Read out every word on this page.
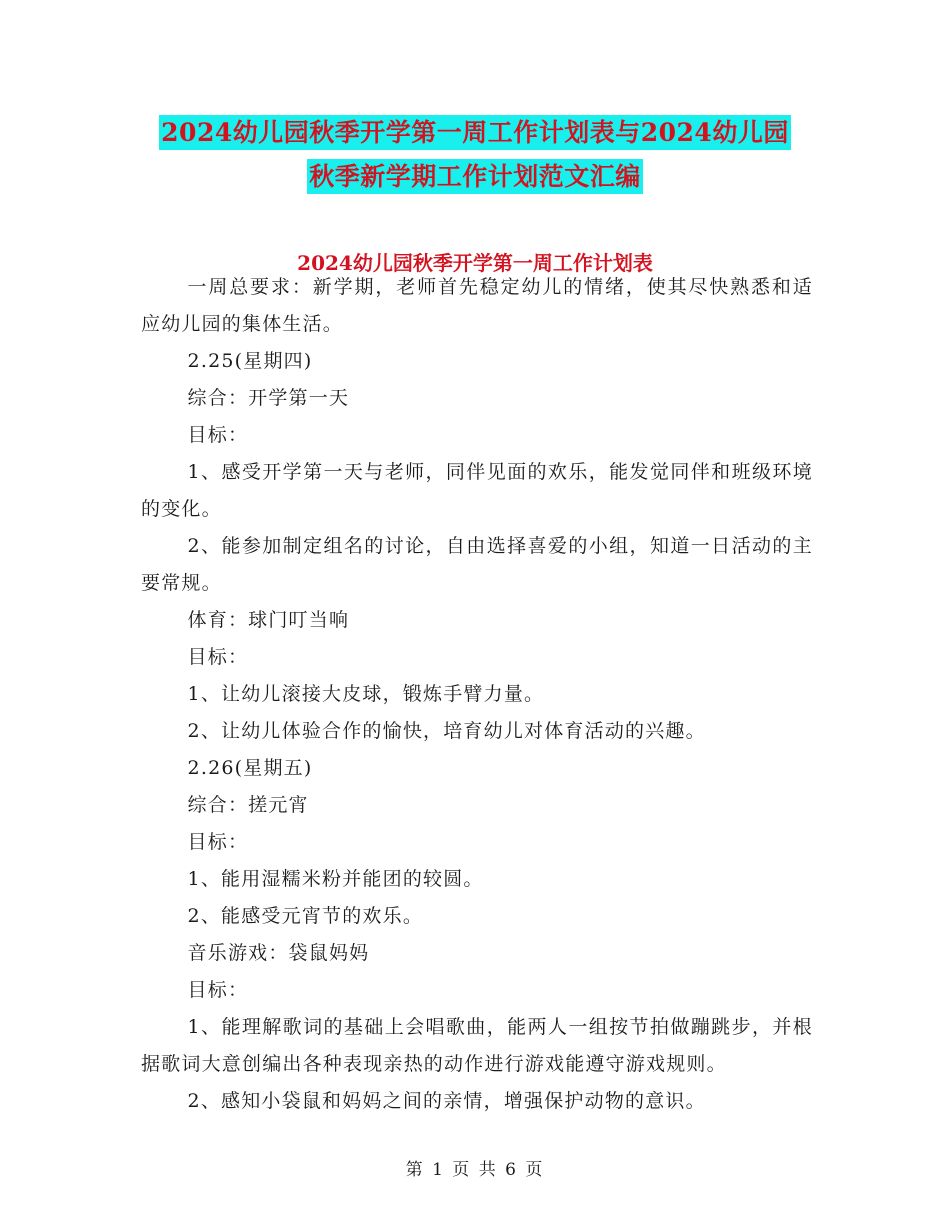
2024幼儿园秋季开学第一周工作计划表与2024幼儿园
秋季新学期工作计划范文汇编
2024幼儿园秋季开学第一周工作计划表

一周总要求：新学期，老师首先稳定幼儿的情绪，使其尽快熟悉和适应幼儿园的集体生活。

2.25(星期四)

综合：开学第一天

目标：

1、感受开学第一天与老师，同伴见面的欢乐，能发觉同伴和班级环境的变化。

2、能参加制定组名的讨论，自由选择喜爱的小组，知道一日活动的主要常规。

体育：球门叮当响

目标：

1、让幼儿滚接大皮球，锻炼手臂力量。

2、让幼儿体验合作的愉快，培育幼儿对体育活动的兴趣。

2.26(星期五)

综合：搓元宵

目标：

1、能用湿糯米粉并能团的较圆。

2、能感受元宵节的欢乐。

音乐游戏：袋鼠妈妈

目标：

1、能理解歌词的基础上会唱歌曲，能两人一组按节拍做蹦跳步，并根据歌词大意创编出各种表现亲热的动作进行游戏能遵守游戏规则。

2、感知小袋鼠和妈妈之间的亲情，增强保护动物的意识。

第 1 页 共 6 页
